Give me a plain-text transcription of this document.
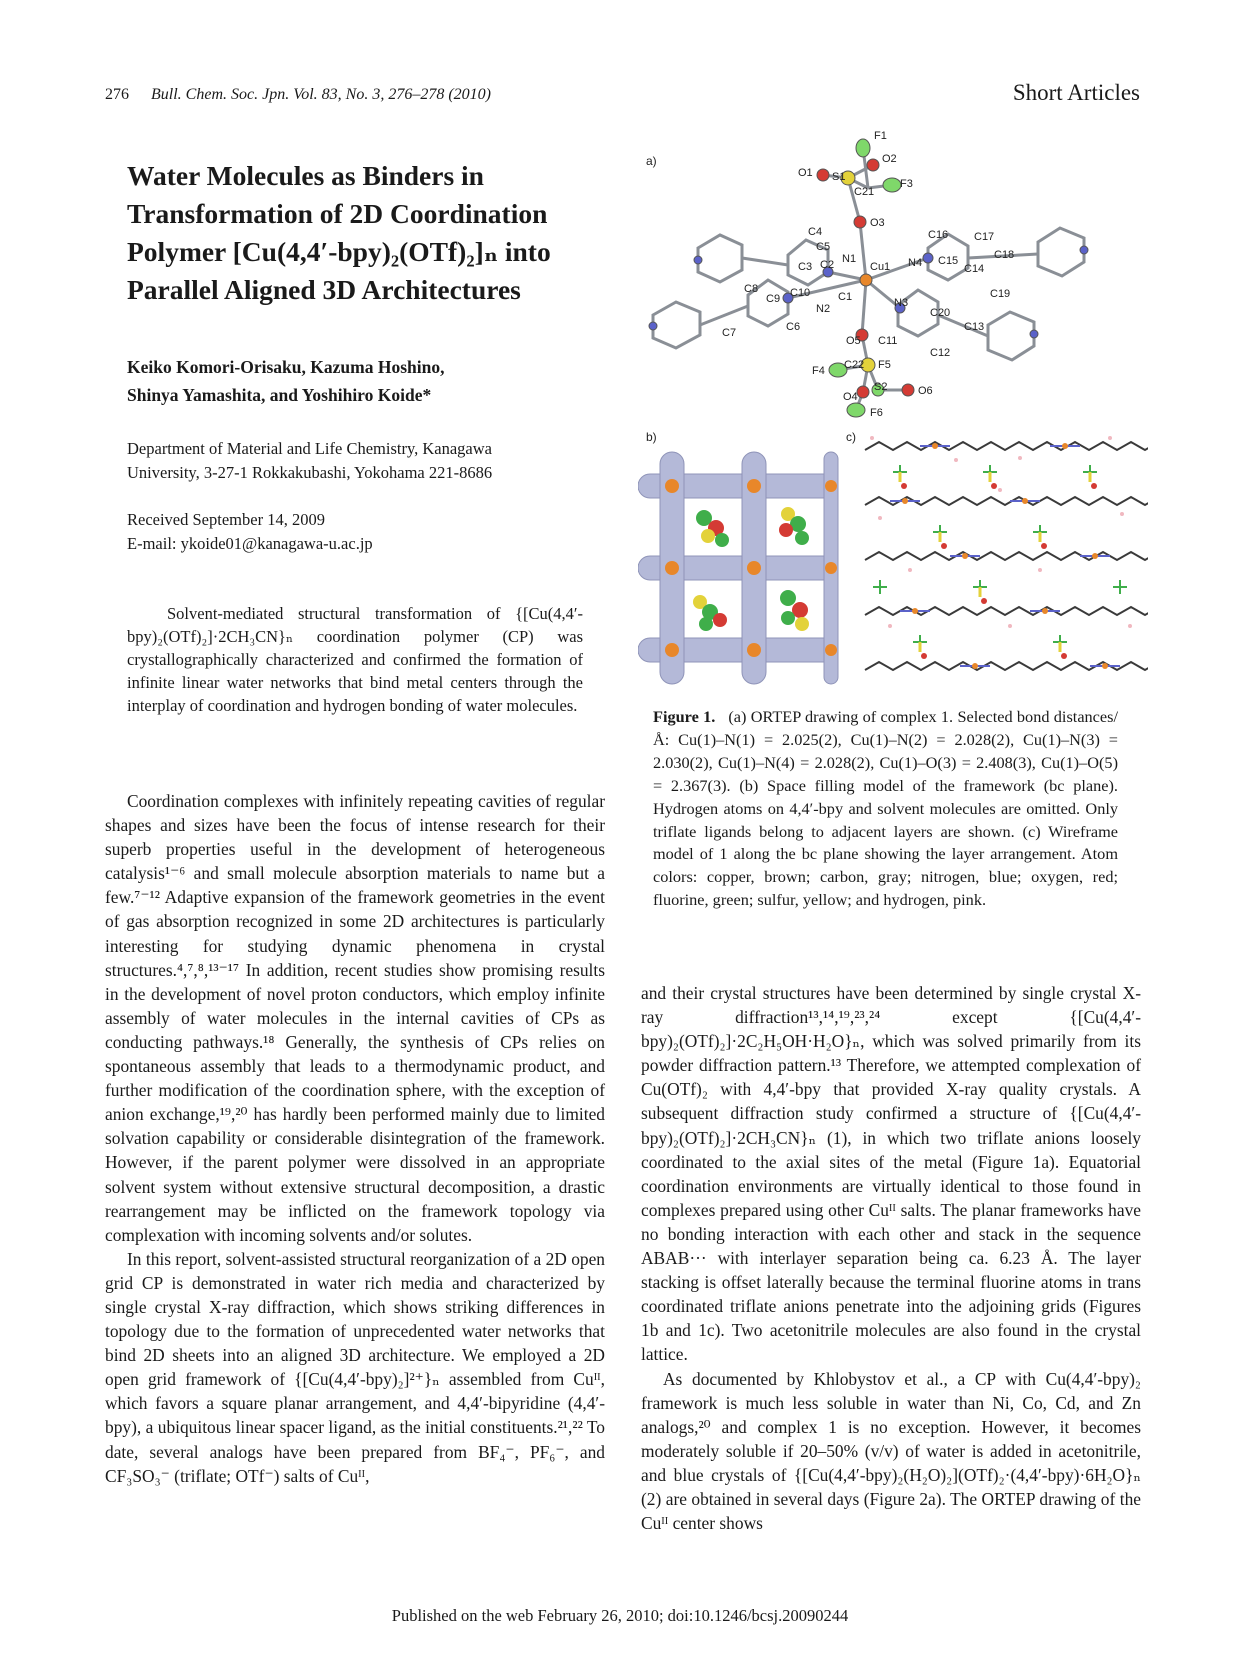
276 Bull. Chem. Soc. Jpn. Vol. 83, No. 3, 276–278 (2010)	Short Articles
Water Molecules as Binders in Transformation of 2D Coordination Polymer [Cu(4,4′-bpy)₂(OTf)₂]ₙ into Parallel Aligned 3D Architectures
Keiko Komori-Orisaku, Kazuma Hoshino,
Shinya Yamashita, and Yoshihiro Koide*
Department of Material and Life Chemistry, Kanagawa
University, 3-27-1 Rokkakubashi, Yokohama 221-8686
Received September 14, 2009
E-mail: ykoide01@kanagawa-u.ac.jp

Solvent-mediated structural transformation of {[Cu(4,4′-bpy)₂(OTf)₂]·2CH₃CN}ₙ coordination polymer (CP) was crystallographically characterized and confirmed the formation of infinite linear water networks that bind metal centers through the interplay of coordination and hydrogen bonding of water molecules.

Coordination complexes with infinitely repeating cavities of regular shapes and sizes have been the focus of intense research for their superb properties useful in the development of heterogeneous catalysis¹⁻⁶ and small molecule absorption materials to name but a few.⁷⁻¹² Adaptive expansion of the framework geometries in the event of gas absorption recognized in some 2D architectures is particularly interesting for studying dynamic phenomena in crystal structures.⁴,⁷,⁸,¹³⁻¹⁷ In addition, recent studies show promising results in the development of novel proton conductors, which employ infinite assembly of water molecules in the internal cavities of CPs as conducting pathways.¹⁸ Generally, the synthesis of CPs relies on spontaneous assembly that leads to a thermodynamic product, and further modification of the coordination sphere, with the exception of anion exchange,¹⁹,²⁰ has hardly been performed mainly due to limited solvation capability or considerable disintegration of the framework. However, if the parent polymer were dissolved in an appropriate solvent system without extensive structural decomposition, a drastic rearrangement may be inflicted on the framework topology via complexation with incoming solvents and/or solutes.

In this report, solvent-assisted structural reorganization of a 2D open grid CP is demonstrated in water rich media and characterized by single crystal X-ray diffraction, which shows striking differences in topology due to the formation of unprecedented water networks that bind 2D sheets into an aligned 3D architecture. We employed a 2D open grid framework of {[Cu(4,4′-bpy)₂]²⁺}ₙ assembled from Cuᴵᴵ, which favors a square planar arrangement, and 4,4′-bipyridine (4,4′-bpy), a ubiquitous linear spacer ligand, as the initial constituents.²¹,²² To date, several analogs have been prepared from BF₄⁻, PF₆⁻, and CF₃SO₃⁻ (triflate; OTf⁻) salts of Cuᴵᴵ,

and their crystal structures have been determined by single crystal X-ray diffraction¹³,¹⁴,¹⁹,²³,²⁴ except {[Cu(4,4′-bpy)₂(OTf)₂]·2C₂H₅OH·H₂O}ₙ, which was solved primarily from its powder diffraction pattern.¹³ Therefore, we attempted complexation of Cu(OTf)₂ with 4,4′-bpy that provided X-ray quality crystals. A subsequent diffraction study confirmed a structure of {[Cu(4,4′-bpy)₂(OTf)₂]·2CH₃CN}ₙ (1), in which two triflate anions loosely coordinated to the axial sites of the metal (Figure 1a). Equatorial coordination environments are virtually identical to those found in complexes prepared using other Cuᴵᴵ salts. The planar frameworks have no bonding interaction with each other and stack in the sequence ABAB··· with interlayer separation being ca. 6.23 Å. The layer stacking is offset laterally because the terminal fluorine atoms in trans coordinated triflate anions penetrate into the adjoining grids (Figures 1b and 1c). Two acetonitrile molecules are also found in the crystal lattice.

As documented by Khlobystov et al., a CP with Cu(4,4′-bpy)₂ framework is much less soluble in water than Ni, Co, Cd, and Zn analogs,²⁰ and complex 1 is no exception. However, it becomes moderately soluble if 20–50% (v/v) of water is added in acetonitrile, and blue crystals of {[Cu(4,4′-bpy)₂(H₂O)₂](OTf)₂·(4,4′-bpy)·6H₂O}ₙ (2) are obtained in several days (Figure 2a). The ORTEP drawing of the Cuᴵᴵ center shows

a)
F1
O1
O2
S1
C21
F3
O3
C4
C5
C3 C2 N1
Cu1 N4
C16 C17
C15
C14
C18
C8
C9 C10	C1	N3
N2
C19
C20
C13
C7	C6
O5 C11
C12
F4 C22 F5
S2	O6
O4
F6
b)	c)
Figure 1. (a) ORTEP drawing of complex 1. Selected bond distances/Å: Cu(1)–N(1) = 2.025(2), Cu(1)–N(2) = 2.028(2), Cu(1)–N(3) = 2.030(2), Cu(1)–N(4) = 2.028(2), Cu(1)–O(3) = 2.408(3), Cu(1)–O(5) = 2.367(3). (b) Space filling model of the framework (bc plane). Hydrogen atoms on 4,4′-bpy and solvent molecules are omitted. Only triflate ligands belong to adjacent layers are shown. (c) Wireframe model of 1 along the bc plane showing the layer arrangement. Atom colors: copper, brown; carbon, gray; nitrogen, blue; oxygen, red; fluorine, green; sulfur, yellow; and hydrogen, pink.
Published on the web February 26, 2010; doi:10.1246/bcsj.20090244
